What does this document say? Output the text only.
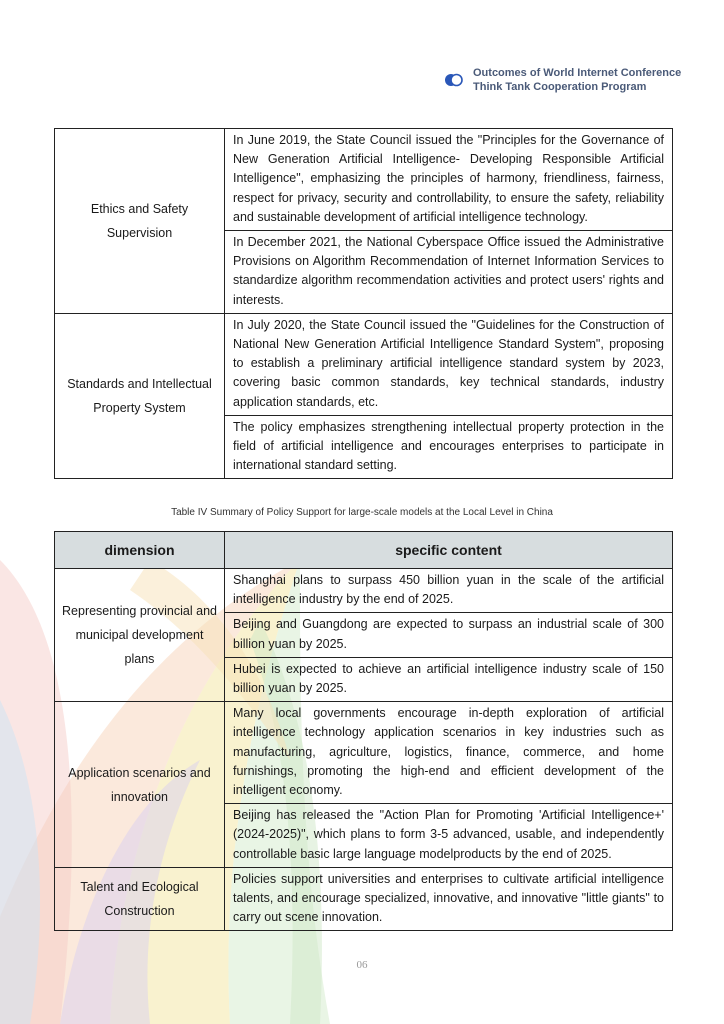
Outcomes of World Internet Conference
Think Tank Cooperation Program
Ethics and Safety Supervision	In June 2019, the State Council issued the "Principles for the Governance of New Generation Artificial Intelligence- Developing Responsible Artificial Intelligence", emphasizing the principles of harmony, friendliness, fairness, respect for privacy, security and controllability, to ensure the safety, reliability and sustainable development of artificial intelligence technology.
	In December 2021, the National Cyberspace Office issued the Administrative Provisions on Algorithm Recommendation of Internet Information Services to standardize algorithm recommendation activities and protect users' rights and interests.
Standards and Intellectual Property System	In July 2020, the State Council issued the "Guidelines for the Construction of National New Generation Artificial Intelligence Standard System", proposing to establish a preliminary artificial intelligence standard system by 2023, covering basic common standards, key technical standards, industry application standards, etc.
	The policy emphasizes strengthening intellectual property protection in the field of artificial intelligence and encourages enterprises to participate in international standard setting.
Table IV Summary of Policy Support for large-scale models at the Local Level in China
dimension	specific content
Representing provincial and municipal development plans	Shanghai plans to surpass 450 billion yuan in the scale of the artificial intelligence industry by the end of 2025.
	Beijing and Guangdong are expected to surpass an industrial scale of 300 billion yuan by 2025.
	Hubei is expected to achieve an artificial intelligence industry scale of 150 billion yuan by 2025.
Application scenarios and innovation	Many local governments encourage in-depth exploration of artificial intelligence technology application scenarios in key industries such as manufacturing, agriculture, logistics, finance, commerce, and home furnishings, promoting the high-end and efficient development of the intelligent economy.
	Beijing has released the "Action Plan for Promoting 'Artificial Intelligence+' (2024-2025)", which plans to form 3-5 advanced, usable, and independently controllable basic large language modelproducts by the end of 2025.
Talent and Ecological Construction	Policies support universities and enterprises to cultivate artificial intelligence talents, and encourage specialized, innovative, and innovative "little giants" to carry out scene innovation.
06
